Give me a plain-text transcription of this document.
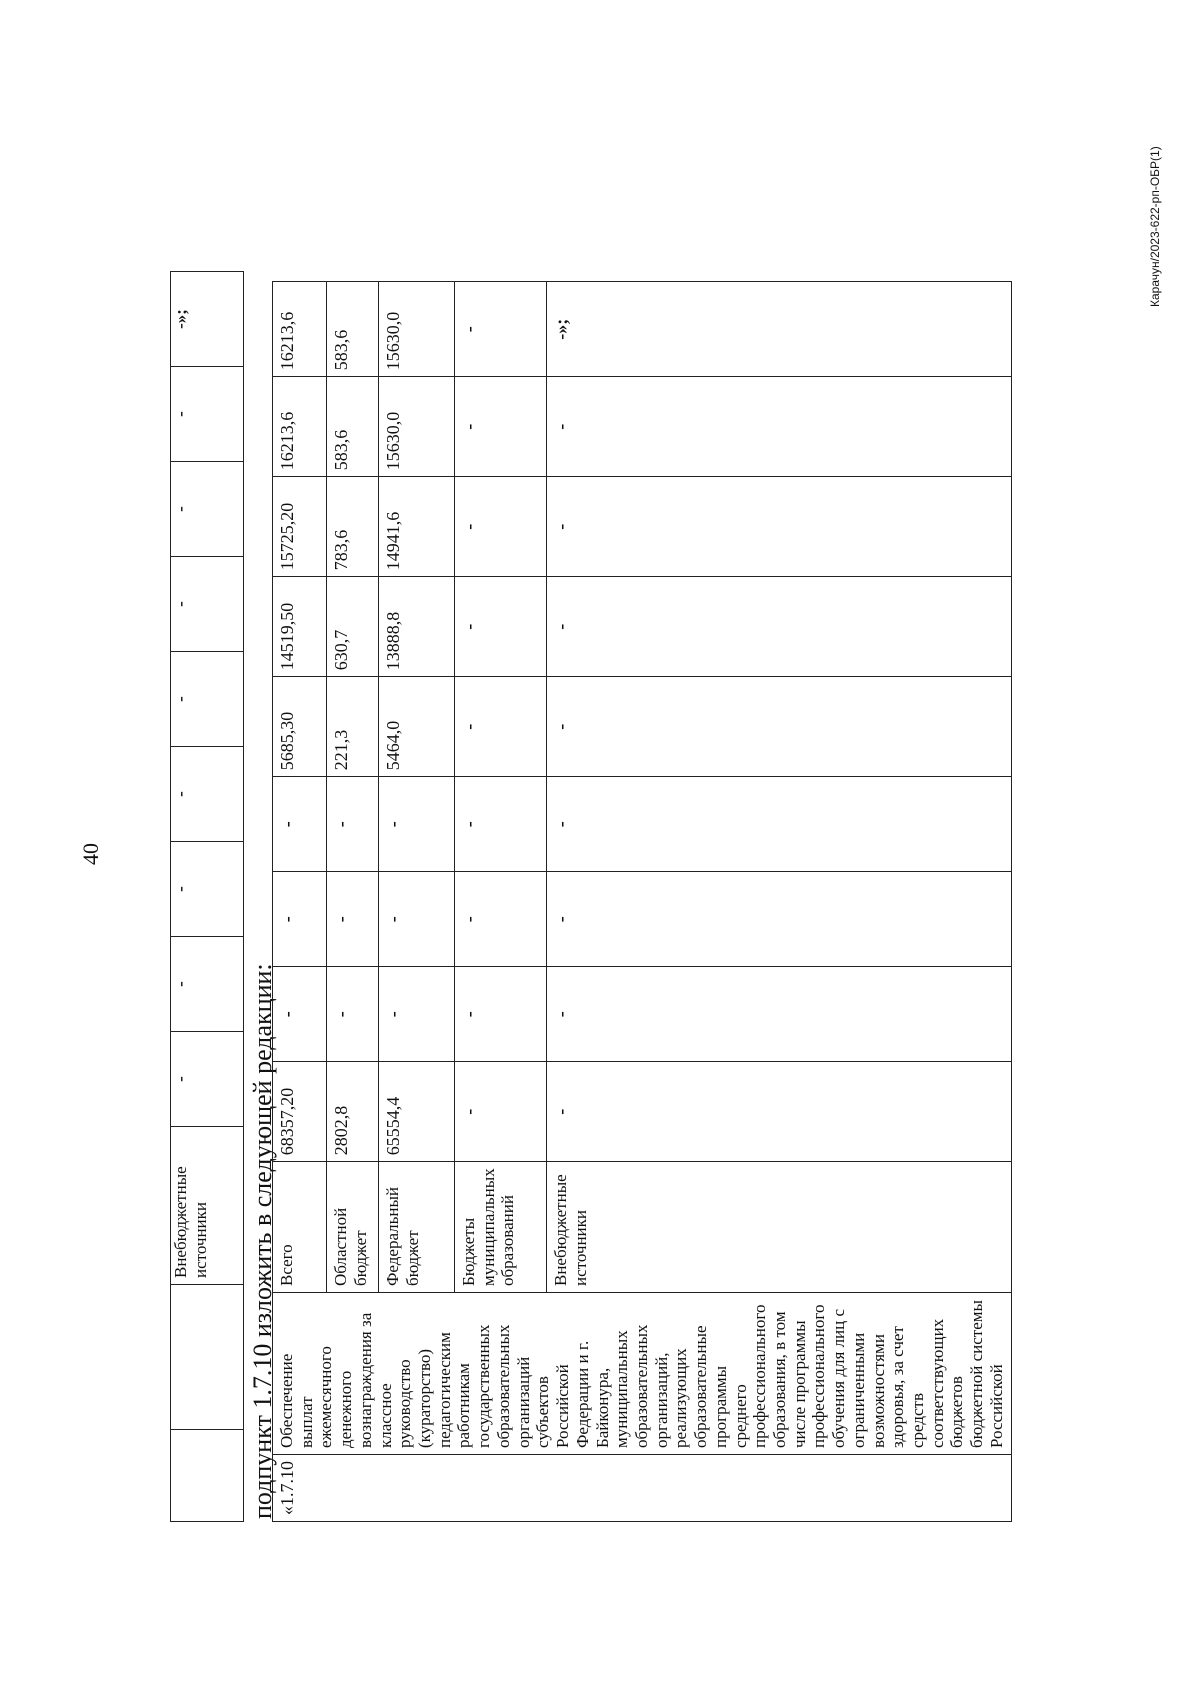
40
		Внебюджетные источники	-	-	-	-	-	-	-	-	-»;
подпункт 1.7.10 изложить в следующей редакции: «1.7.10	Обеспечение выплат ежемесячного денежного вознаграждения за классное руководство (кураторство) педагогическим работникам государственных образовательных организаций субъектов Российской Федерации и г. Байконура, муниципальных образовательных организаций, реализующих образовательные программы среднего профессионального образования, в том числе программы профессионального обучения для лиц с ограниченными возможностями здоровья, за счет средств соответствующих бюджетов бюджетной системы Российской	Всего	68357,20	-	-	-	5685,30	14519,50	15725,20	16213,6	16213,6
		Областной бюджет	2802,8	-	-	-	221,3	630,7	783,6	583,6	583,6
		Федеральный бюджет	65554,4	-	-	-	5464,0	13888,8	14941,6	15630,0	15630,0
		Бюджеты муниципальных образований	-	-	-	-	-	-	-	-	-
		Внебюджетные источники	-	-	-	-	-	-	-	-	-»;
Карачун/2023-622-рп-ОБР(1)
